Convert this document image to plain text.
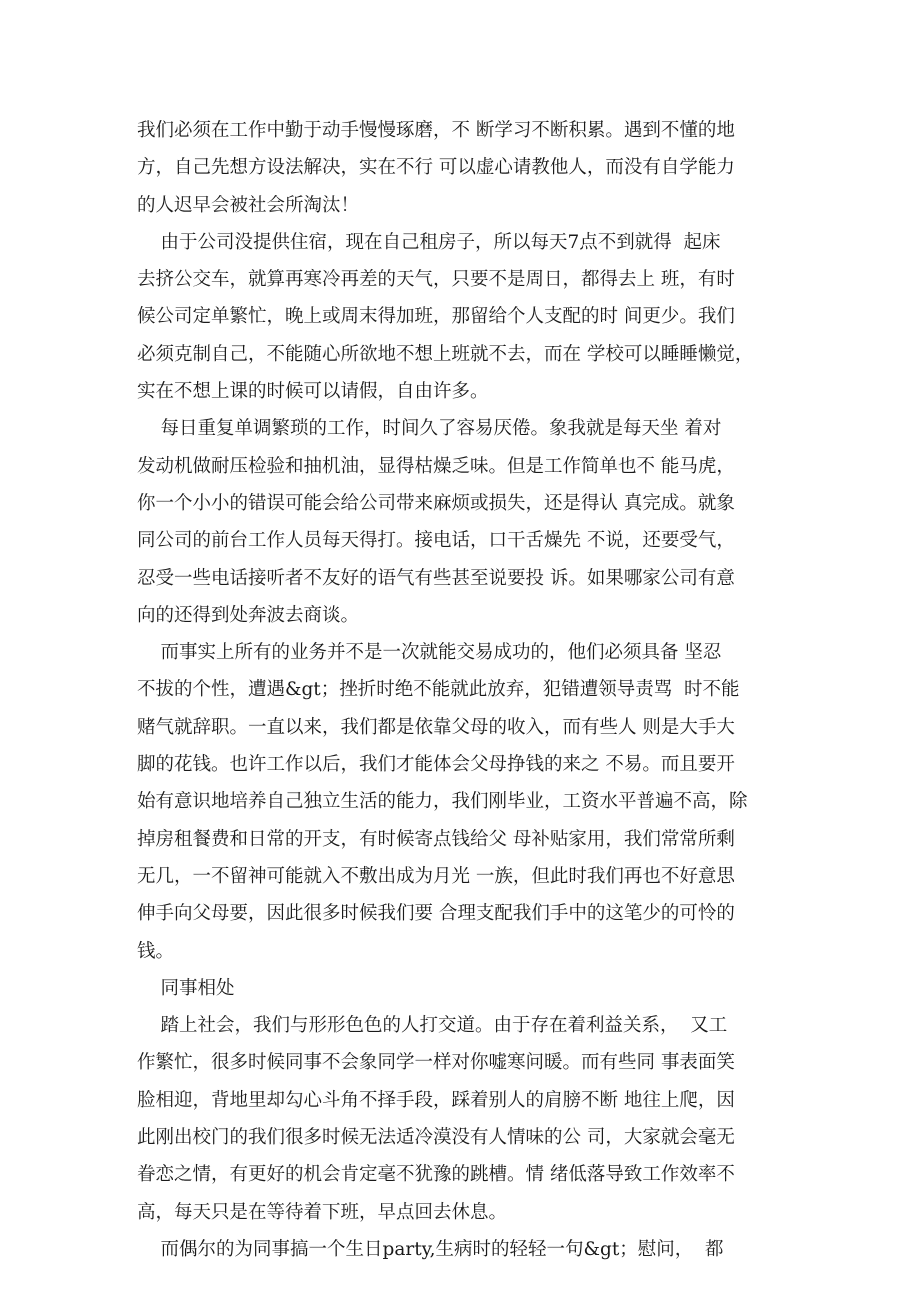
我们必须在工作中勤于动手慢慢琢磨，不 断学习不断积累。遇到不懂的地
方，自己先想方设法解决，实在不行 可以虚心请教他人，而没有自学能力
的人迟早会被社会所淘汰！
由于公司没提供住宿，现在自己租房子，所以每天7点不到就得  起床
去挤公交车，就算再寒冷再差的天气，只要不是周日，都得去上 班，有时
候公司定单繁忙，晚上或周末得加班，那留给个人支配的时 间更少。我们
必须克制自己，不能随心所欲地不想上班就不去，而在 学校可以睡睡懒觉，
实在不想上课的时候可以请假，自由许多。
每日重复单调繁琐的工作，时间久了容易厌倦。象我就是每天坐 着对
发动机做耐压检验和抽机油，显得枯燥乏味。但是工作简单也不 能马虎，
你一个小小的错误可能会给公司带来麻烦或损失，还是得认 真完成。就象
同公司的前台工作人员每天得打。接电话，口干舌燥先 不说，还要受气，
忍受一些电话接听者不友好的语气有些甚至说要投 诉。如果哪家公司有意
向的还得到处奔波去商谈。
而事实上所有的业务并不是一次就能交易成功的，他们必须具备 坚忍
不拔的个性，遭遇&gt；挫折时绝不能就此放弃，犯错遭领导责骂  时不能
赌气就辞职。一直以来，我们都是依靠父母的收入，而有些人 则是大手大
脚的花钱。也许工作以后，我们才能体会父母挣钱的来之 不易。而且要开
始有意识地培养自己独立生活的能力，我们刚毕业，工资水平普遍不高，除
掉房租餐费和日常的开支，有时候寄点钱给父 母补贴家用，我们常常所剩
无几，一不留神可能就入不敷出成为月光 一族，但此时我们再也不好意思
伸手向父母要，因此很多时候我们要 合理支配我们手中的这笔少的可怜的
钱。
同事相处
踏上社会，我们与形形色色的人打交道。由于存在着利益关系，  又工
作繁忙，很多时候同事不会象同学一样对你嘘寒问暖。而有些同 事表面笑
脸相迎，背地里却勾心斗角不择手段，踩着别人的肩膀不断 地往上爬，因
此刚出校门的我们很多时候无法适冷漠没有人情味的公 司，大家就会毫无
眷恋之情，有更好的机会肯定毫不犹豫的跳槽。情 绪低落导致工作效率不
高，每天只是在等待着下班，早点回去休息。
而偶尔的为同事搞一个生日party,生病时的轻轻一句&gt；慰问，  都
